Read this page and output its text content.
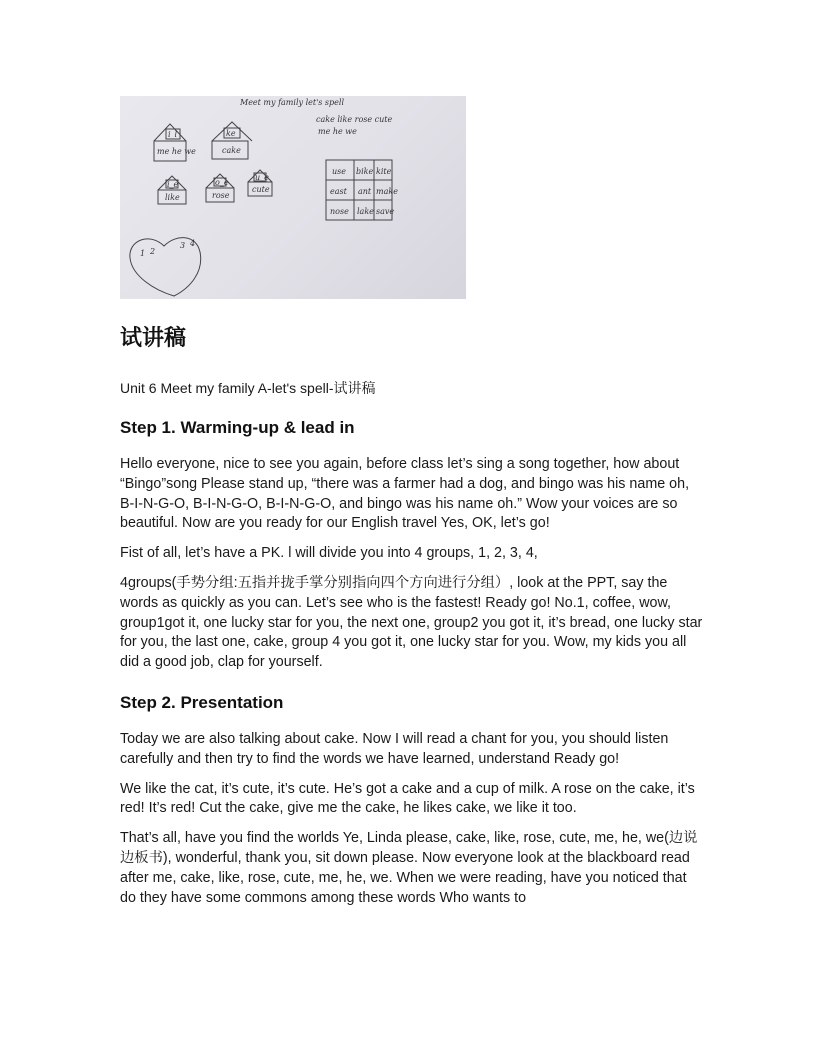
Meet my family let's spell
cake like rose cute
me he we
i_l
me he we
ke
cake
i_e
like
o_e
rose
u_e
cute
use bike kite
east ant make
nose lake save
1 2
3 4
试讲稿
Unit 6 Meet my family A-let's spell-试讲稿
Step 1. Warming-up & lead in

Hello everyone, nice to see you again, before class let’s sing a song together, how about “Bingo”song Please stand up, “there was a farmer had a dog, and bingo was his name oh, B-I-N-G-O, B-I-N-G-O, B-I-N-G-O, and bingo was his name oh.” Wow your voices are so beautiful. Now are you ready for our English travel Yes, OK, let’s go!

Fist of all, let’s have a PK. l will divide you into 4 groups, 1, 2, 3, 4,

4groups(手势分组:五指并拢手掌分别指向四个方向进行分组）, look at the PPT, say the words as quickly as you can. Let’s see who is the fastest! Ready go! No.1, coffee, wow, group1got it, one lucky star for you, the next one, group2 you got it, it’s bread, one lucky star for you, the last one, cake, group 4 you got it, one lucky star for you. Wow, my kids you all did a good job, clap for yourself.

Step 2. Presentation

Today we are also talking about cake. Now I will read a chant for you, you should listen carefully and then try to find the words we have learned, understand Ready go!

We like the cat, it’s cute, it’s cute. He’s got a cake and a cup of milk. A rose on the cake, it’s red! It’s red! Cut the cake, give me the cake, he likes cake, we like it too.

That’s all, have you find the worlds Ye, Linda please, cake, like, rose, cute, me, he, we(边说边板书), wonderful, thank you, sit down please. Now everyone look at the blackboard read after me, cake, like, rose, cute, me, he, we. When we were reading, have you noticed that do they have some commons among these words Who wants to
